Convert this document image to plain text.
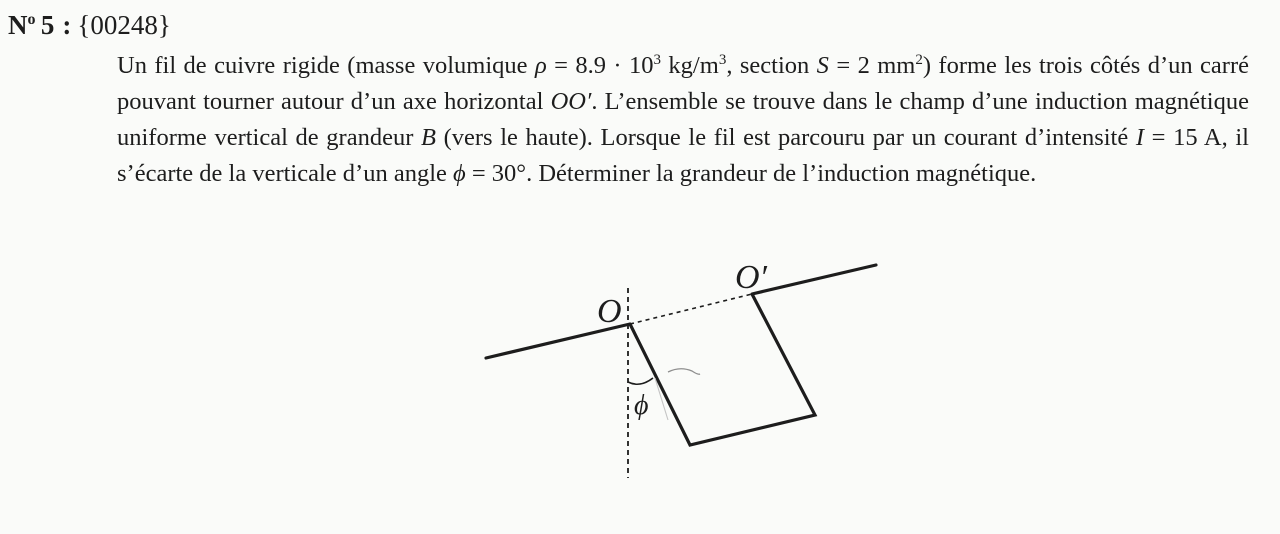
$N^o$  5 : {00248}

Un fil de cuivre rigide (masse volumique $\rho = 8.9 \cdot 10^3$ $kg/m^3$, section S = 2 $mm^2$) forme les trois côtés d’un carré pouvant tourner autour d’un axe horizontal OO′. L’ensemble se trouve dans le champ d’une induction magnétique uniforme vertical de grandeur B (vers le haute). Lorsque le fil est parcouru par un courant d’intensité I = 15 A, il s’écarte de la verticale d’un angle ϕ = 30°. Déterminer la grandeur de l’induction magnétique.

O
O′
ϕ
